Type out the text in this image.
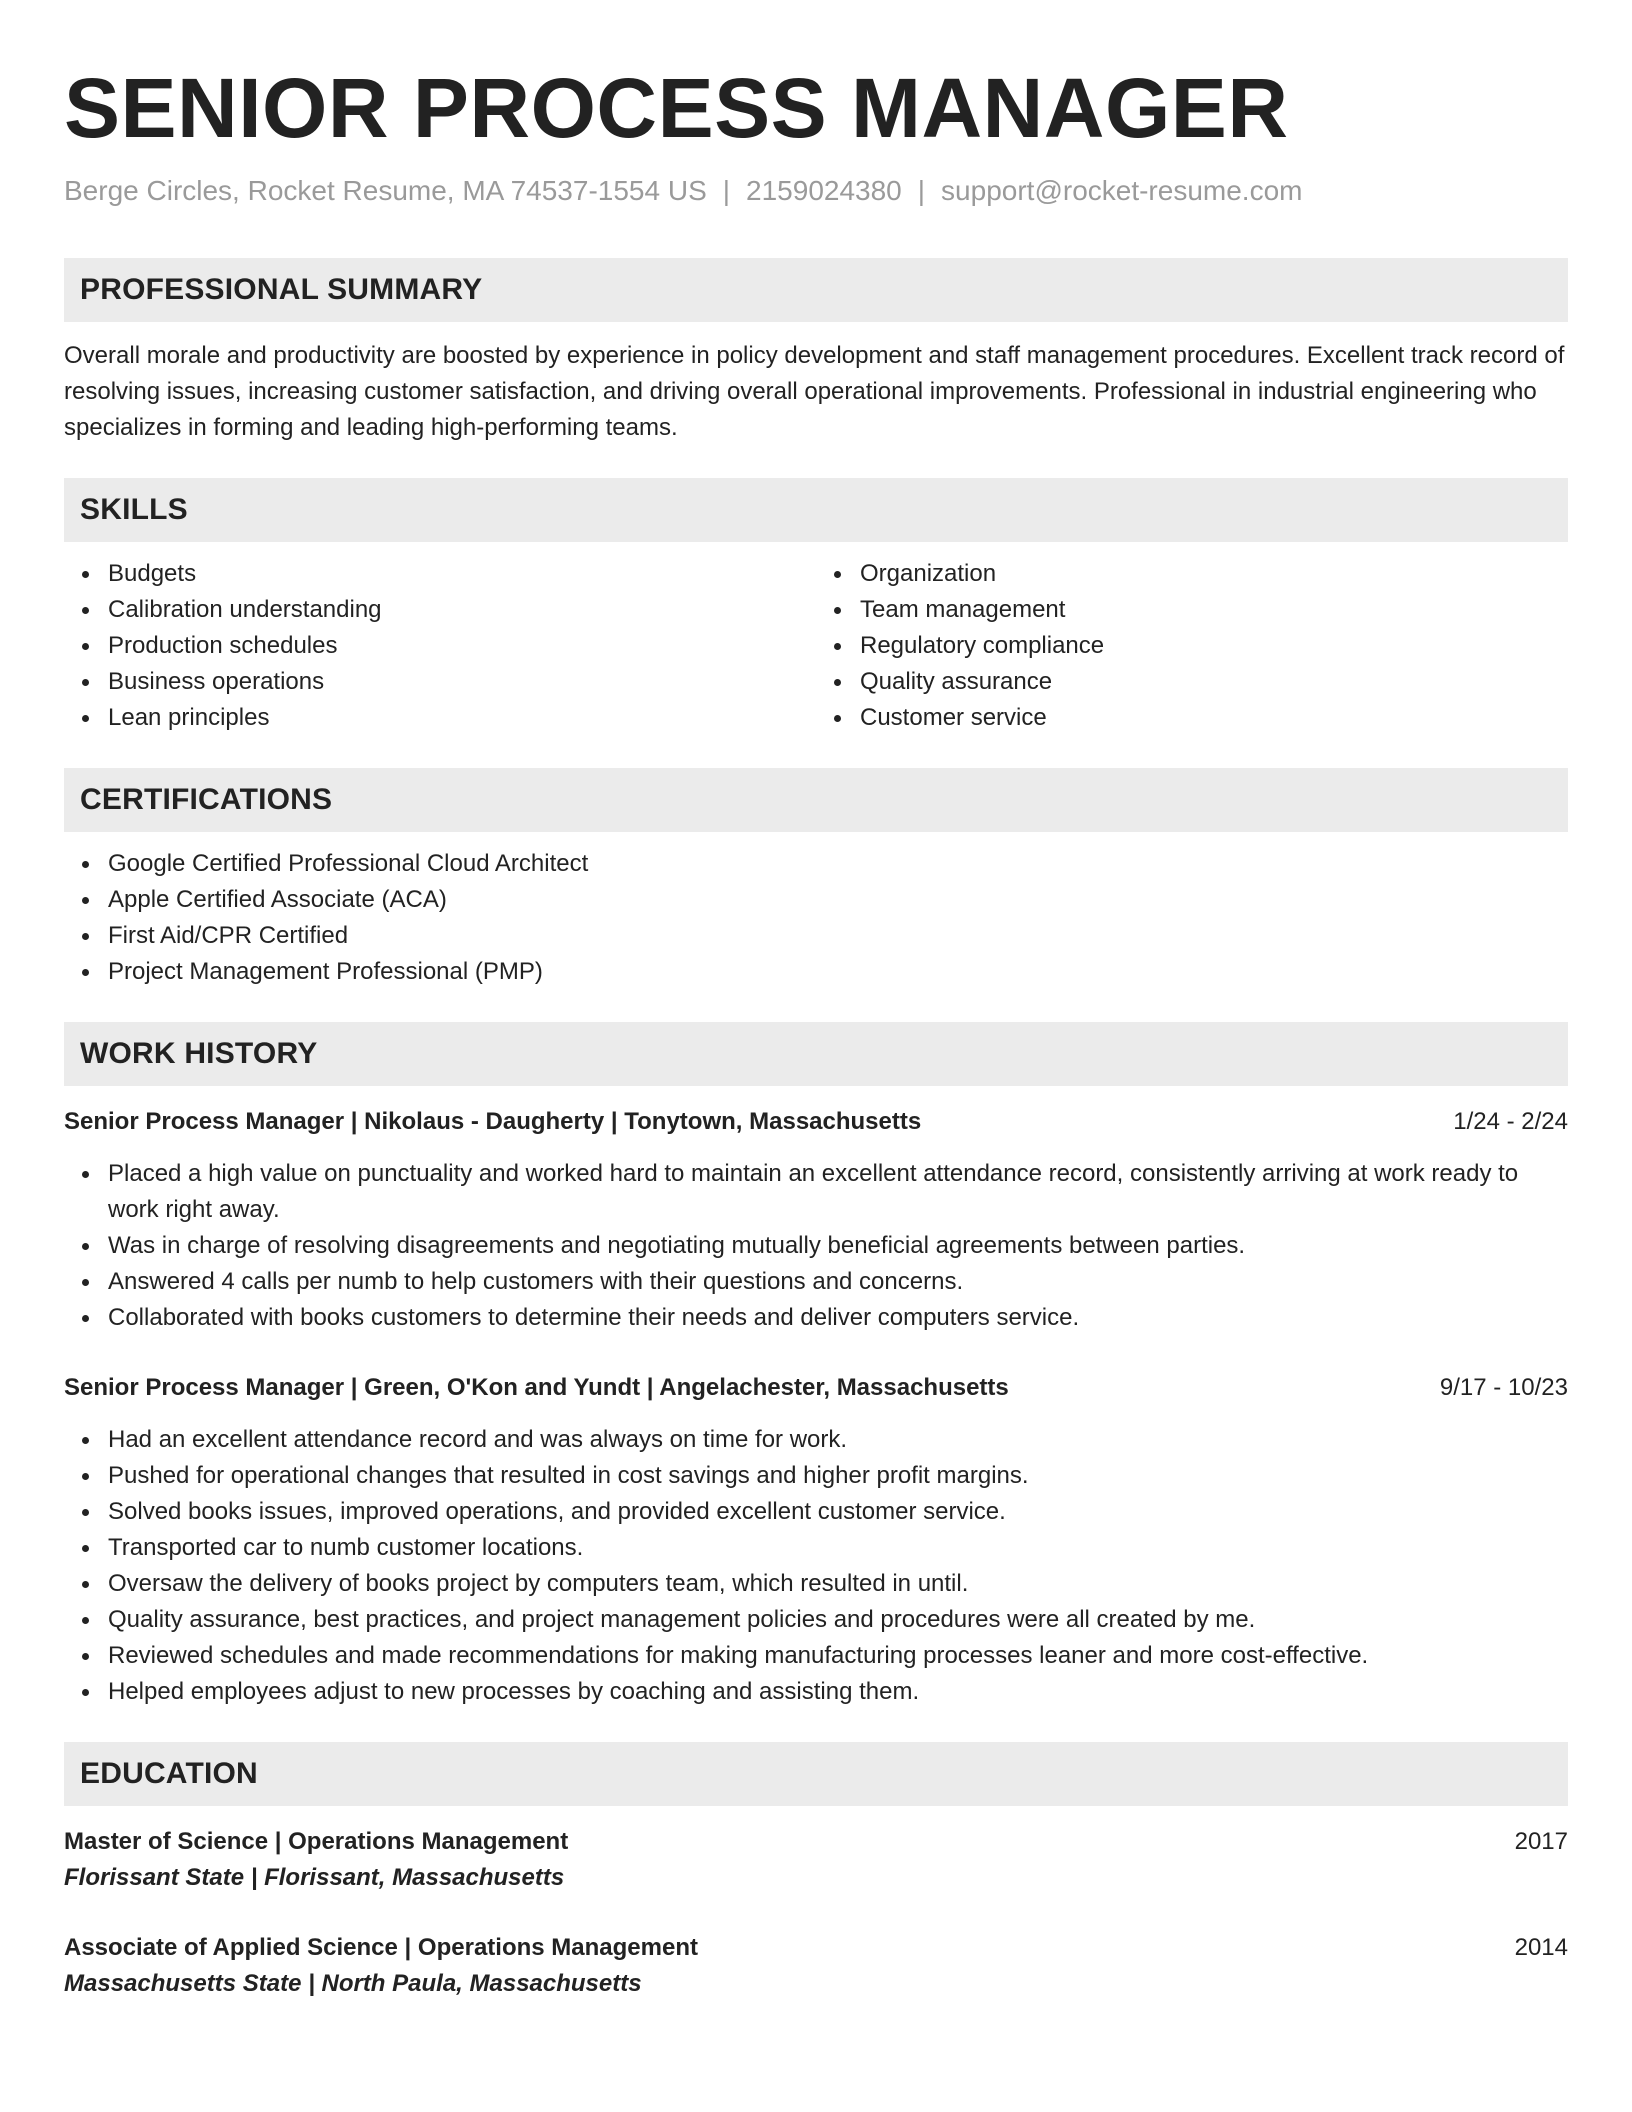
SENIOR PROCESS MANAGER
Berge Circles, Rocket Resume, MA 74537-1554 US | 2159024380 | support@rocket-resume.com
PROFESSIONAL SUMMARY

Overall morale and productivity are boosted by experience in policy development and staff management procedures. Excellent track record of resolving issues, increasing customer satisfaction, and driving overall operational improvements. Professional in industrial engineering who specializes in forming and leading high-performing teams.

SKILLS
Budgets
Calibration understanding
Production schedules
Business operations
Lean principles
Organization
Team management
Regulatory compliance
Quality assurance
Customer service
CERTIFICATIONS
Google Certified Professional Cloud Architect
Apple Certified Associate (ACA)
First Aid/CPR Certified
Project Management Professional (PMP)
WORK HISTORY
Senior Process Manager | Nikolaus - Daugherty | Tonytown, Massachusetts	1/24 - 2/24
Placed a high value on punctuality and worked hard to maintain an excellent attendance record, consistently arriving at work ready to work right away.
Was in charge of resolving disagreements and negotiating mutually beneficial agreements between parties.
Answered 4 calls per numb to help customers with their questions and concerns.
Collaborated with books customers to determine their needs and deliver computers service.
Senior Process Manager | Green, O'Kon and Yundt | Angelachester, Massachusetts	9/17 - 10/23
Had an excellent attendance record and was always on time for work.
Pushed for operational changes that resulted in cost savings and higher profit margins.
Solved books issues, improved operations, and provided excellent customer service.
Transported car to numb customer locations.
Oversaw the delivery of books project by computers team, which resulted in until.
Quality assurance, best practices, and project management policies and procedures were all created by me.
Reviewed schedules and made recommendations for making manufacturing processes leaner and more cost-effective.
Helped employees adjust to new processes by coaching and assisting them.
EDUCATION
Master of Science | Operations Management	2017
Florissant State | Florissant, Massachusetts
Associate of Applied Science | Operations Management	2014
Massachusetts State | North Paula, Massachusetts
